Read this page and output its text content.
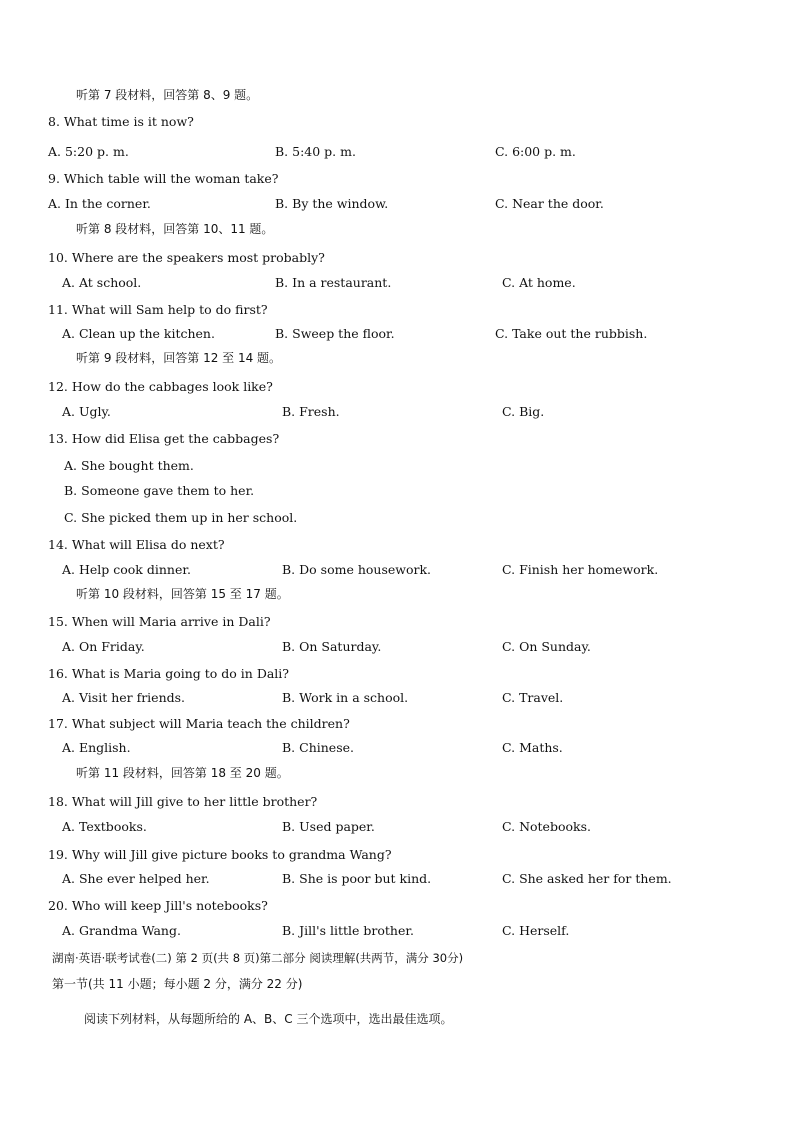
听第 7 段材料，回答第 8、9 题。
8. What time is it now?
A. 5:20 p. m.	B. 5:40 p. m.	C. 6:00 p. m.
9. Which table will the woman take?
A. In the corner.	B. By the window.	C. Near the door.
听第 8 段材料，回答第 10、11 题。
10. Where are the speakers most probably?
A. At school.	B. In a restaurant.	C. At home.
11. What will Sam help to do first?
A. Clean up the kitchen.	B. Sweep the floor.	C. Take out the rubbish.
听第 9 段材料，回答第 12 至 14 题。
12. How do the cabbages look like?
A. Ugly.	B. Fresh.	C. Big.
13. How did Elisa get the cabbages?
A. She bought them.
B. Someone gave them to her.
C. She picked them up in her school.
14. What will Elisa do next?
A. Help cook dinner.	B. Do some housework.	C. Finish her homework.
听第 10 段材料，回答第 15 至 17 题。
15. When will Maria arrive in Dali?
A. On Friday.	B. On Saturday.	C. On Sunday.
16. What is Maria going to do in Dali?
A. Visit her friends.	B. Work in a school.	C. Travel.
17. What subject will Maria teach the children?
A. English.	B. Chinese.	C. Maths.
听第 11 段材料，回答第 18 至 20 题。
18. What will Jill give to her little brother?
A. Textbooks.	B. Used paper.	C. Notebooks.
19. Why will Jill give picture books to grandma Wang?
A. She ever helped her.	B. She is poor but kind.	C. She asked her for them.
20. Who will keep Jill's notebooks?
A. Grandma Wang.	B. Jill's little brother.	C. Herself.
湖南·英语·联考试卷(二) 第 2 页(共 8 页)第二部分 阅读理解(共两节，满分 30分)
第一节(共 11 小题；每小题 2 分，满分 22 分)
阅读下列材料，从每题所给的 A、B、C 三个选项中，选出最佳选项。
